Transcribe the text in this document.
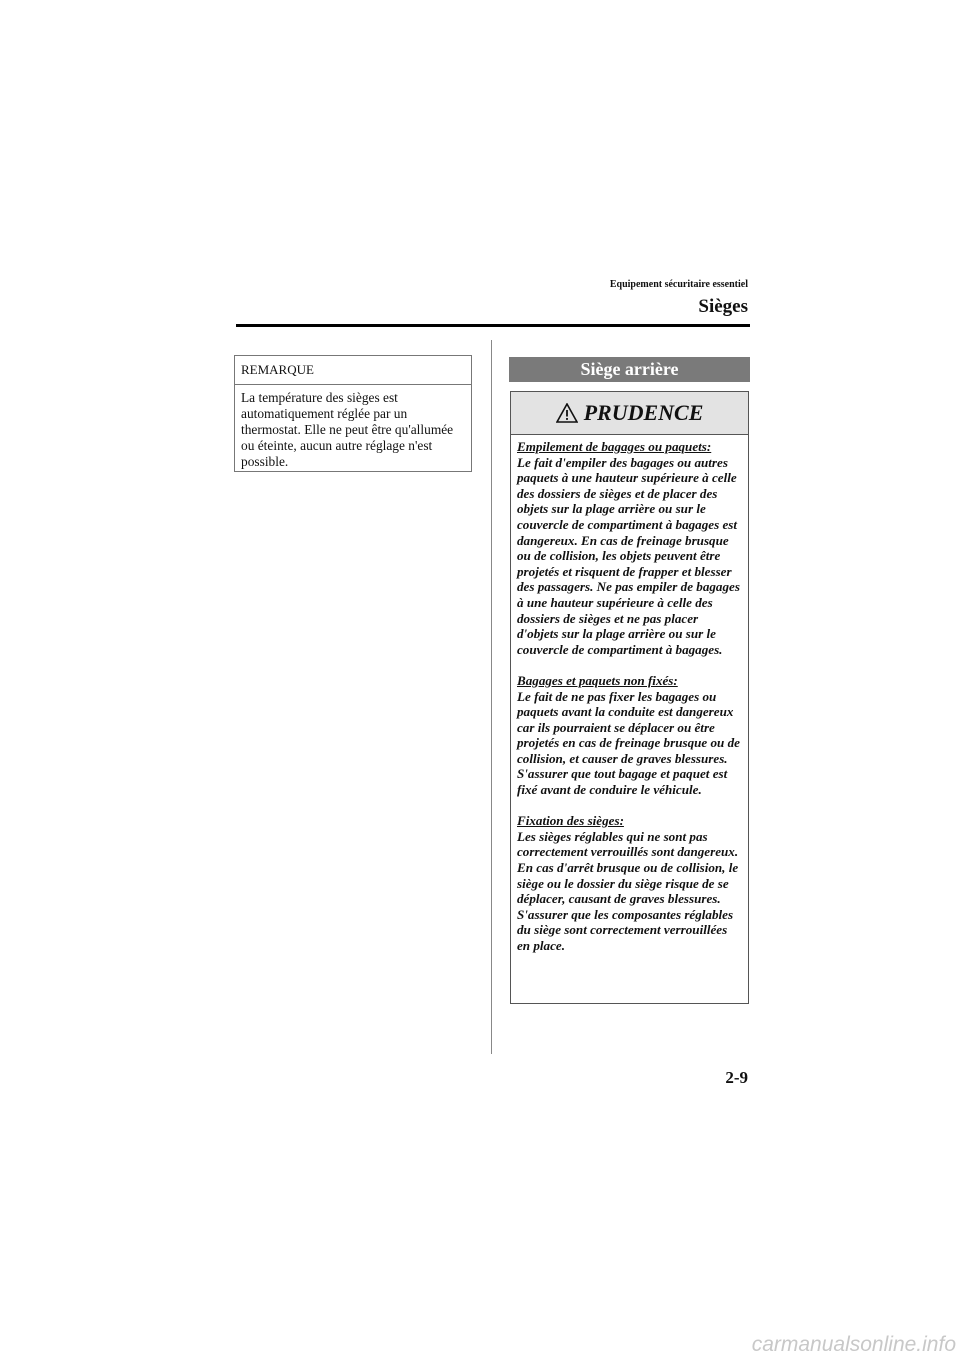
Equipement sécuritaire essentiel
Sièges
REMARQUE
La température des sièges est automatiquement réglée par un thermostat. Elle ne peut être qu'allumée ou éteinte, aucun autre réglage n'est possible.
Siège arrière
PRUDENCE
Empilement de bagages ou paquets:
Le fait d'empiler des bagages ou autres paquets à une hauteur supérieure à celle des dossiers de sièges et de placer des objets sur la plage arrière ou sur le couvercle de compartiment à bagages est dangereux. En cas de freinage brusque ou de collision, les objets peuvent être projetés et risquent de frapper et blesser des passagers. Ne pas empiler de bagages à une hauteur supérieure à celle des dossiers de sièges et ne pas placer d'objets sur la plage arrière ou sur le couvercle de compartiment à bagages.
Bagages et paquets non fixés:
Le fait de ne pas fixer les bagages ou paquets avant la conduite est dangereux car ils pourraient se déplacer ou être projetés en cas de freinage brusque ou de collision, et causer de graves blessures. S'assurer que tout bagage et paquet est fixé avant de conduire le véhicule.
Fixation des sièges:
Les sièges réglables qui ne sont pas correctement verrouillés sont dangereux. En cas d'arrêt brusque ou de collision, le siège ou le dossier du siège risque de se déplacer, causant de graves blessures. S'assurer que les composantes réglables du siège sont correctement verrouillées en place.
2-9
carmanualsonline.info
